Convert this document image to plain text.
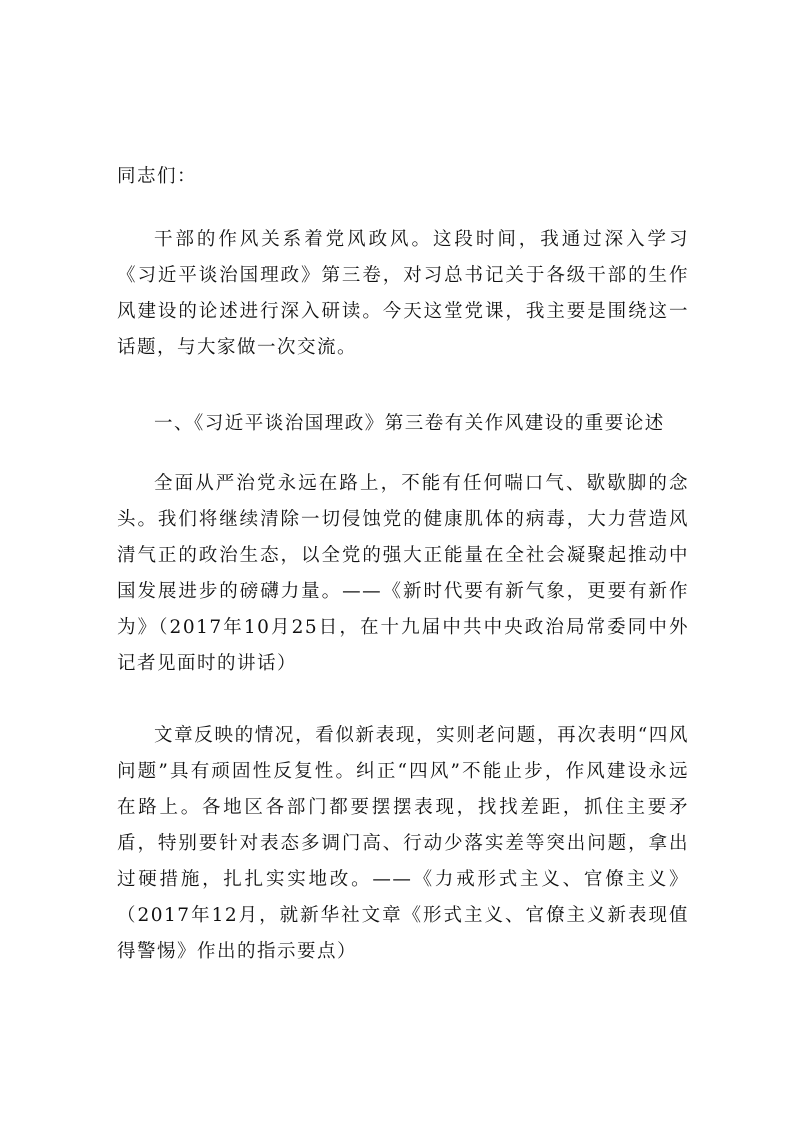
同志们：
干部的作风关系着党风政风。这段时间，我通过深入学习《习近平谈治国理政》第三卷，对习总书记关于各级干部的生作风建设的论述进行深入研读。今天这堂党课，我主要是围绕这一话题，与大家做一次交流。
一、《习近平谈治国理政》第三卷有关作风建设的重要论述
全面从严治党永远在路上，不能有任何喘口气、歇歇脚的念头。我们将继续清除一切侵蚀党的健康肌体的病毒，大力营造风清气正的政治生态，以全党的强大正能量在全社会凝聚起推动中国发展进步的磅礴力量。——《新时代要有新气象，更要有新作为》（2017年10月25日，在十九届中共中央政治局常委同中外记者见面时的讲话）
文章反映的情况，看似新表现，实则老问题，再次表明“四风问题”具有顽固性反复性。纠正“四风”不能止步，作风建设永远在路上。各地区各部门都要摆摆表现，找找差距，抓住主要矛盾，特别要针对表态多调门高、行动少落实差等突出问题，拿出过硬措施，扎扎实实地改。——《力戒形式主义、官僚主义》（2017年12月，就新华社文章《形式主义、官僚主义新表现值得警惕》作出的指示要点）
